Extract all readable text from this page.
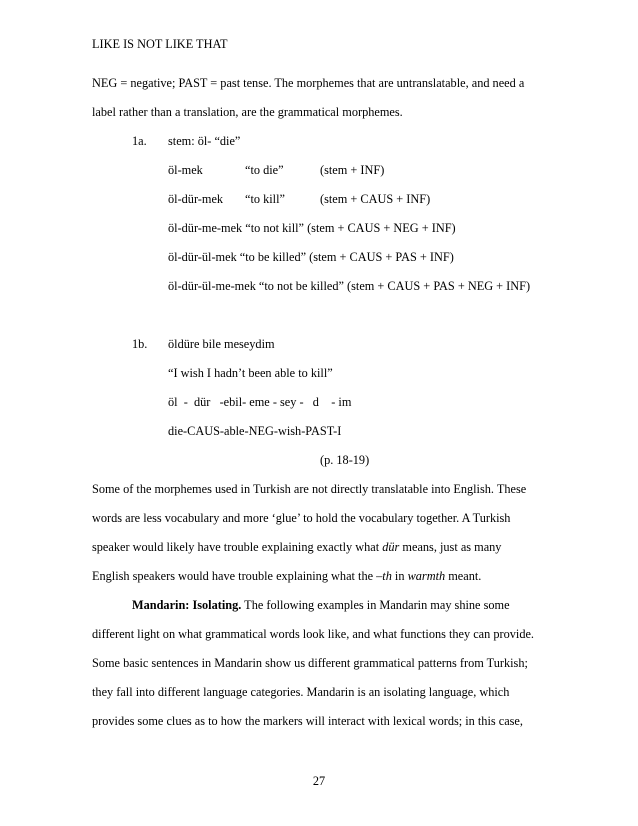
LIKE IS NOT LIKE THAT
NEG = negative; PAST = past tense. The morphemes that are untranslatable, and need a
label rather than a translation, are the grammatical morphemes.
1a. stem: öl- “die”
öl-mek	“to die”	(stem + INF)
öl-dür-mek “to kill”	(stem + CAUS + INF)
öl-dür-me-mek “to not kill” (stem + CAUS + NEG + INF)
öl-dür-ül-mek “to be killed” (stem + CAUS + PAS + INF)
öl-dür-ül-me-mek “to not be killed” (stem + CAUS + PAS + NEG + INF)
1b. öldüre bile meseydim
“I wish I hadn’t been able to kill”
öl  -  dür   -ebil- eme - sey -   d    - im
die-CAUS-able-NEG-wish-PAST-I
(p. 18-19)
Some of the morphemes used in Turkish are not directly translatable into English. These
words are less vocabulary and more ‘glue’ to hold the vocabulary together. A Turkish
speaker would likely have trouble explaining exactly what dür means, just as many
English speakers would have trouble explaining what the –th in warmth meant.
Mandarin: Isolating. The following examples in Mandarin may shine some
different light on what grammatical words look like, and what functions they can provide.
Some basic sentences in Mandarin show us different grammatical patterns from Turkish;
they fall into different language categories. Mandarin is an isolating language, which
provides some clues as to how the markers will interact with lexical words; in this case,
27
